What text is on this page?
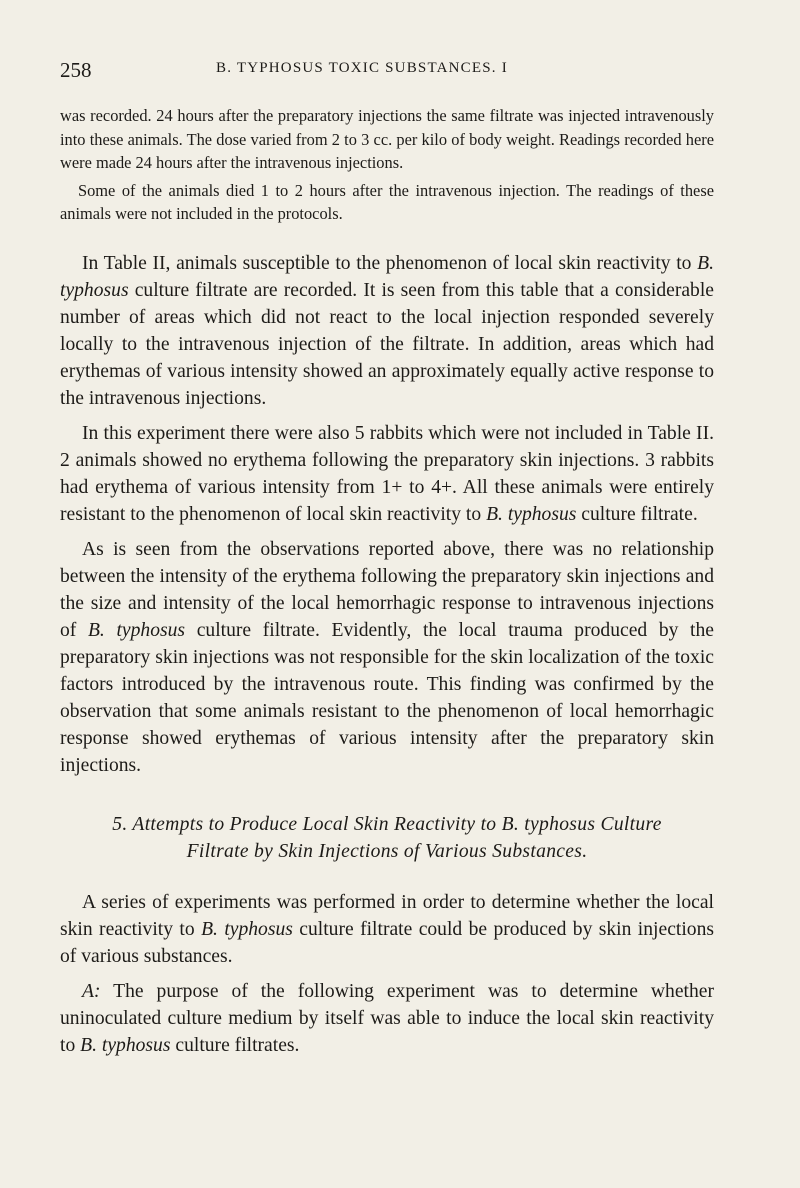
258	B. TYPHOSUS TOXIC SUBSTANCES. I

was recorded. 24 hours after the preparatory injections the same filtrate was injected intravenously into these animals. The dose varied from 2 to 3 cc. per kilo of body weight. Readings recorded here were made 24 hours after the intravenous injections.

Some of the animals died 1 to 2 hours after the intravenous injection. The readings of these animals were not included in the protocols.

In Table II, animals susceptible to the phenomenon of local skin reactivity to B. typhosus culture filtrate are recorded. It is seen from this table that a considerable number of areas which did not react to the local injection responded severely locally to the intravenous injection of the filtrate. In addition, areas which had erythemas of various intensity showed an approximately equally active response to the intravenous injections.

In this experiment there were also 5 rabbits which were not included in Table II. 2 animals showed no erythema following the preparatory skin injections. 3 rabbits had erythema of various intensity from 1+ to 4+. All these animals were entirely resistant to the phenomenon of local skin reactivity to B. typhosus culture filtrate.

As is seen from the observations reported above, there was no relationship between the intensity of the erythema following the preparatory skin injections and the size and intensity of the local hemorrhagic response to intravenous injections of B. typhosus culture filtrate. Evidently, the local trauma produced by the preparatory skin injections was not responsible for the skin localization of the toxic factors introduced by the intravenous route. This finding was confirmed by the observation that some animals resistant to the phenomenon of local hemorrhagic response showed erythemas of various intensity after the preparatory skin injections.

5. Attempts to Produce Local Skin Reactivity to B. typhosus Culture
Filtrate by Skin Injections of Various Substances.

A series of experiments was performed in order to determine whether the local skin reactivity to B. typhosus culture filtrate could be produced by skin injections of various substances.

A: The purpose of the following experiment was to determine whether uninoculated culture medium by itself was able to induce the local skin reactivity to B. typhosus culture filtrates.
